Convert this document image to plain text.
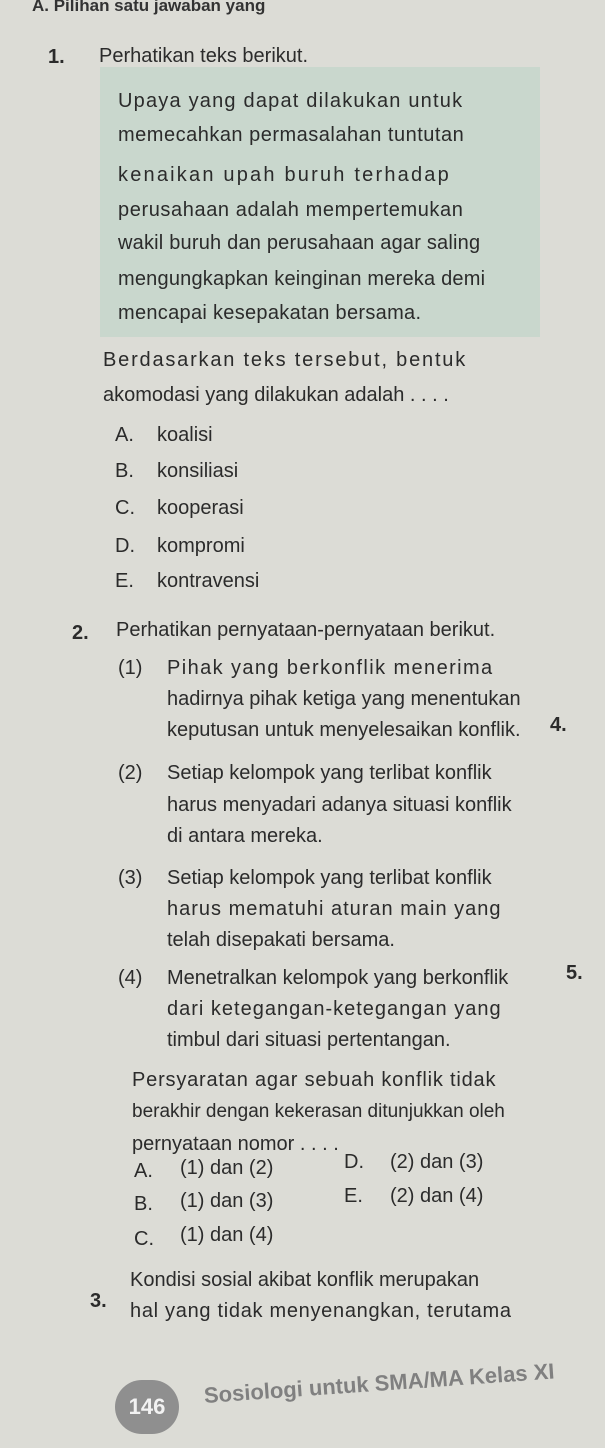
A. Pilihan satu jawaban yang
1. Perhatikan teks berikut.
Upaya yang dapat dilakukan untuk
memecahkan permasalahan tuntutan
kenaikan upah buruh terhadap
perusahaan adalah mempertemukan
wakil buruh dan perusahaan agar saling
mengungkapkan keinginan mereka demi
mencapai kesepakatan bersama.
Berdasarkan teks tersebut, bentuk
akomodasi yang dilakukan adalah . . . .
A. koalisi
B. konsiliasi
C. kooperasi
D. kompromi
E. kontravensi
2. Perhatikan pernyataan-pernyataan berikut.
(1) Pihak yang berkonflik menerima
hadirnya pihak ketiga yang menentukan
keputusan untuk menyelesaikan konflik.
(2) Setiap kelompok yang terlibat konflik
harus menyadari adanya situasi konflik
di antara mereka.
(3) Setiap kelompok yang terlibat konflik
harus mematuhi aturan main yang
telah disepakati bersama.
(4) Menetralkan kelompok yang berkonflik
dari ketegangan-ketegangan yang
timbul dari situasi pertentangan.
Persyaratan agar sebuah konflik tidak
berakhir dengan kekerasan ditunjukkan oleh
pernyataan nomor . . . .
A. (1) dan (2)
B. (1) dan (3)
C. (1) dan (4)
D. (2) dan (3)
E. (2) dan (4)
3.
Kondisi sosial akibat konflik merupakan
hal yang tidak menyenangkan, terutama
4.
5.
146	Sosiologi untuk SMA/MA Kelas XI
